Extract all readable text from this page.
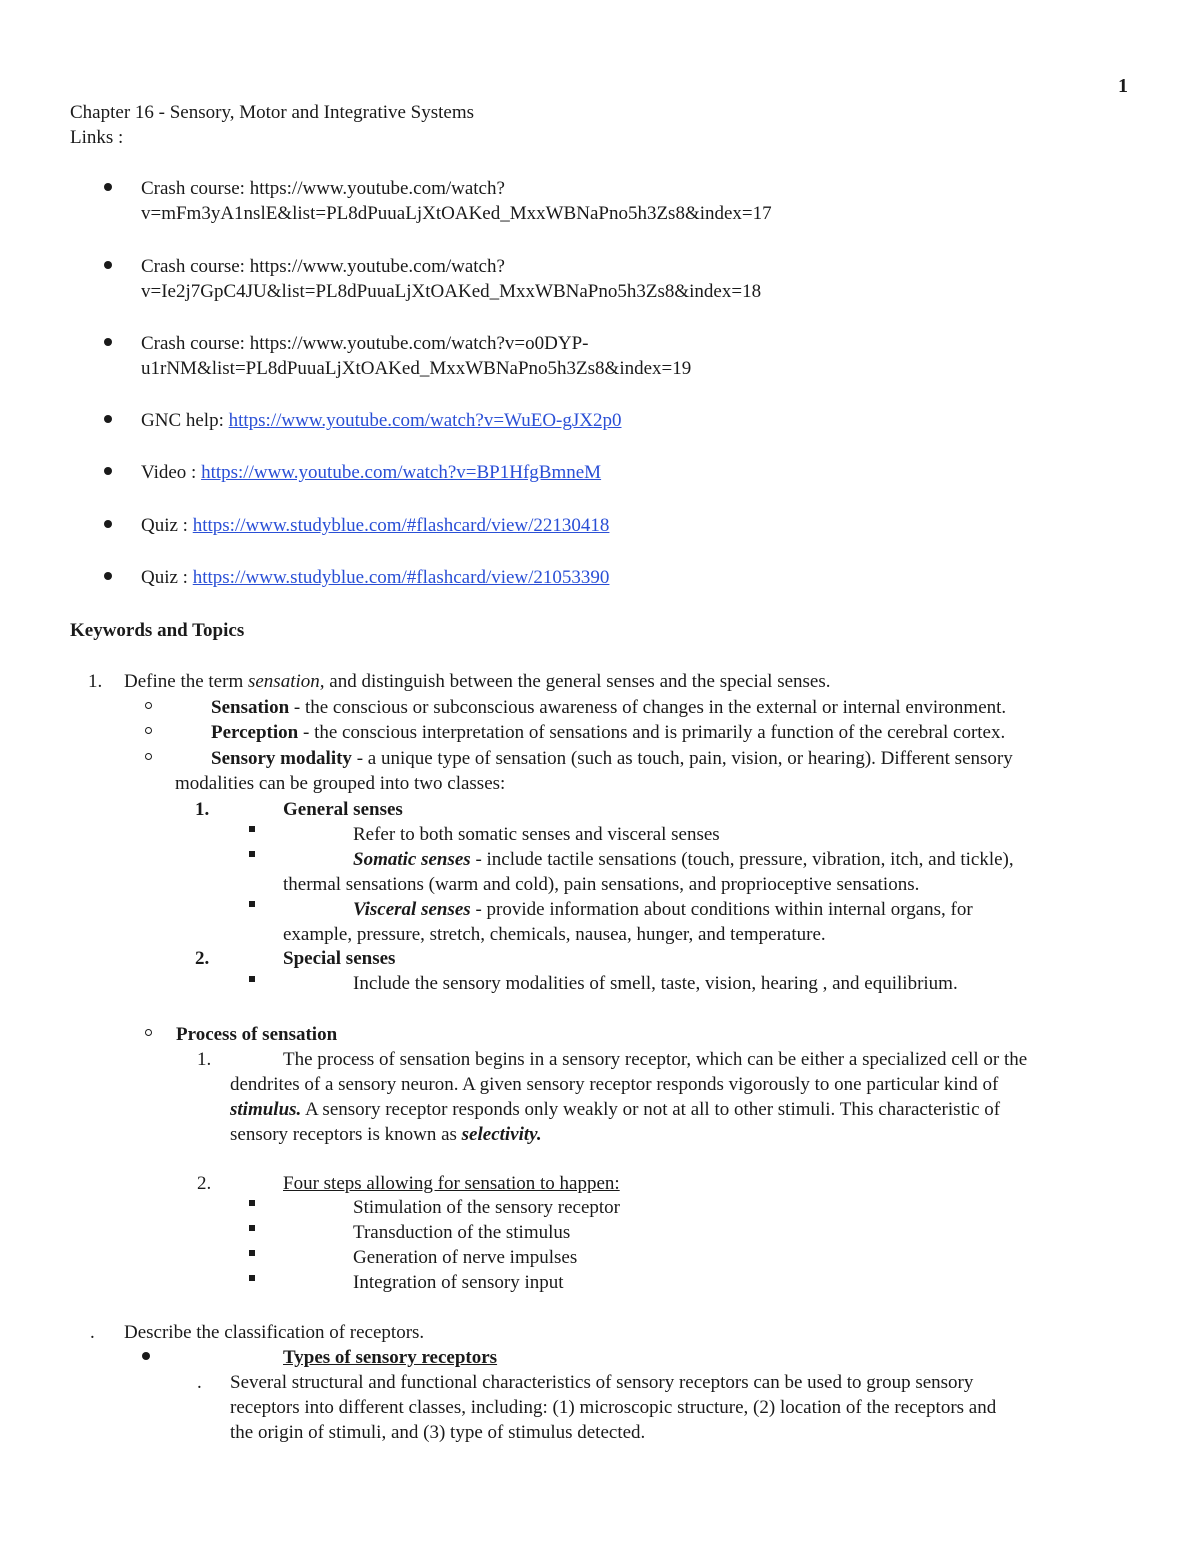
1
Chapter 16 - Sensory, Motor and Integrative Systems
Links :
Crash course: https://www.youtube.com/watch?
v=mFm3yA1nslE&list=PL8dPuuaLjXtOAKed_MxxWBNaPno5h3Zs8&index=17
Crash course: https://www.youtube.com/watch?
v=Ie2j7GpC4JU&list=PL8dPuuaLjXtOAKed_MxxWBNaPno5h3Zs8&index=18
Crash course: https://www.youtube.com/watch?v=o0DYP-
u1rNM&list=PL8dPuuaLjXtOAKed_MxxWBNaPno5h3Zs8&index=19
GNC help: https://www.youtube.com/watch?v=WuEO-gJX2p0
Video : https://www.youtube.com/watch?v=BP1HfgBmneM
Quiz : https://www.studyblue.com/#flashcard/view/22130418
Quiz : https://www.studyblue.com/#flashcard/view/21053390
Keywords and Topics
1. Define the term sensation, and distinguish between the general senses and the special senses.
Sensation - the conscious or subconscious awareness of changes in the external or internal environment.
Perception - the conscious interpretation of sensations and is primarily a function of the cerebral cortex.
Sensory modality - a unique type of sensation (such as touch, pain, vision, or hearing). Different sensory
modalities can be grouped into two classes:
1.	General senses
Refer to both somatic senses and visceral senses
Somatic senses - include tactile sensations (touch, pressure, vibration, itch, and tickle),
thermal sensations (warm and cold), pain sensations, and proprioceptive sensations.
Visceral senses - provide information about conditions within internal organs, for
example, pressure, stretch, chemicals, nausea, hunger, and temperature.
2.	Special senses
Include the sensory modalities of smell, taste, vision, hearing , and equilibrium.
Process of sensation
1.	The process of sensation begins in a sensory receptor, which can be either a specialized cell or the
dendrites of a sensory neuron. A given sensory receptor responds vigorously to one particular kind of
stimulus. A sensory receptor responds only weakly or not at all to other stimuli. This characteristic of
sensory receptors is known as selectivity.
2.	Four steps allowing for sensation to happen:
Stimulation of the sensory receptor
Transduction of the stimulus
Generation of nerve impulses
Integration of sensory input
. Describe the classification of receptors.
Types of sensory receptors
. Several structural and functional characteristics of sensory receptors can be used to group sensory
receptors into different classes, including: (1) microscopic structure, (2) location of the receptors and
the origin of stimuli, and (3) type of stimulus detected.
